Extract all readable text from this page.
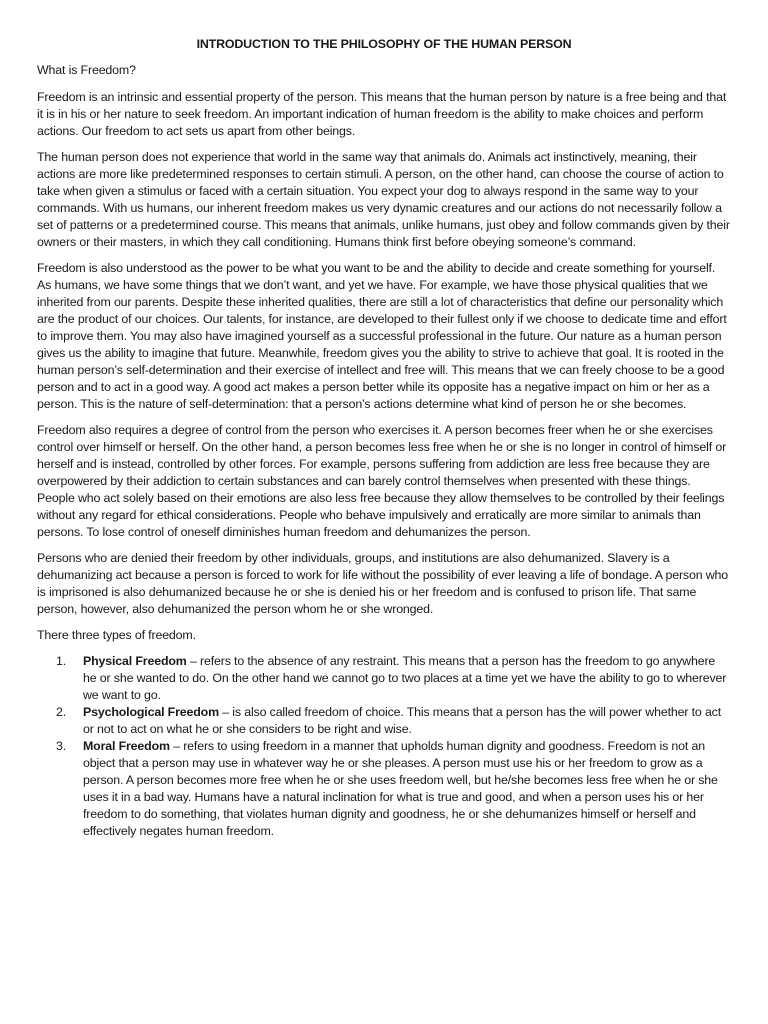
INTRODUCTION TO THE PHILOSOPHY OF THE HUMAN PERSON

What is Freedom?

Freedom is an intrinsic and essential property of the person. This means that the human person by nature is a free being and that it is in his or her nature to seek freedom. An important indication of human freedom is the ability to make choices and perform actions. Our freedom to act sets us apart from other beings.

The human person does not experience that world in the same way that animals do. Animals act instinctively, meaning, their actions are more like predetermined responses to certain stimuli. A person, on the other hand, can choose the course of action to take when given a stimulus or faced with a certain situation. You expect your dog to always respond in the same way to your commands. With us humans, our inherent freedom makes us very dynamic creatures and our actions do not necessarily follow a set of patterns or a predetermined course. This means that animals, unlike humans, just obey and follow commands given by their owners or their masters, in which they call conditioning. Humans think first before obeying someone’s command.

Freedom is also understood as the power to be what you want to be and the ability to decide and create something for yourself. As humans, we have some things that we don’t want, and yet we have. For example, we have those physical qualities that we inherited from our parents. Despite these inherited qualities, there are still a lot of characteristics that define our personality which are the product of our choices. Our talents, for instance, are developed to their fullest only if we choose to dedicate time and effort to improve them. You may also have imagined yourself as a successful professional in the future. Our nature as a human person gives us the ability to imagine that future. Meanwhile, freedom gives you the ability to strive to achieve that goal. It is rooted in the human person’s self-determination and their exercise of intellect and free will. This means that we can freely choose to be a good person and to act in a good way. A good act makes a person better while its opposite has a negative impact on him or her as a person. This is the nature of self-determination: that a person’s actions determine what kind of person he or she becomes.

Freedom also requires a degree of control from the person who exercises it. A person becomes freer when he or she exercises control over himself or herself. On the other hand, a person becomes less free when he or she is no longer in control of himself or herself and is instead, controlled by other forces. For example, persons suffering from addiction are less free because they are overpowered by their addiction to certain substances and can barely control themselves when presented with these things. People who act solely based on their emotions are also less free because they allow themselves to be controlled by their feelings without any regard for ethical considerations. People who behave impulsively and erratically are more similar to animals than persons. To lose control of oneself diminishes human freedom and dehumanizes the person.

Persons who are denied their freedom by other individuals, groups, and institutions are also dehumanized. Slavery is a dehumanizing act because a person is forced to work for life without the possibility of ever leaving a life of bondage. A person who is imprisoned is also dehumanized because he or she is denied his or her freedom and is confused to prison life. That same person, however, also dehumanized the person whom he or she wronged.

There three types of freedom.

1. Physical Freedom – refers to the absence of any restraint. This means that a person has the freedom to go anywhere he or she wanted to do. On the other hand we cannot go to two places at a time yet we have the ability to go to wherever we want to go.
2. Psychological Freedom – is also called freedom of choice. This means that a person has the will power whether to act or not to act on what he or she considers to be right and wise.
3. Moral Freedom – refers to using freedom in a manner that upholds human dignity and goodness. Freedom is not an object that a person may use in whatever way he or she pleases. A person must use his or her freedom to grow as a person. A person becomes more free when he or she uses freedom well, but he/she becomes less free when he or she uses it in a bad way. Humans have a natural inclination for what is true and good, and when a person uses his or her freedom to do something, that violates human dignity and goodness, he or she dehumanizes himself or herself and effectively negates human freedom.
